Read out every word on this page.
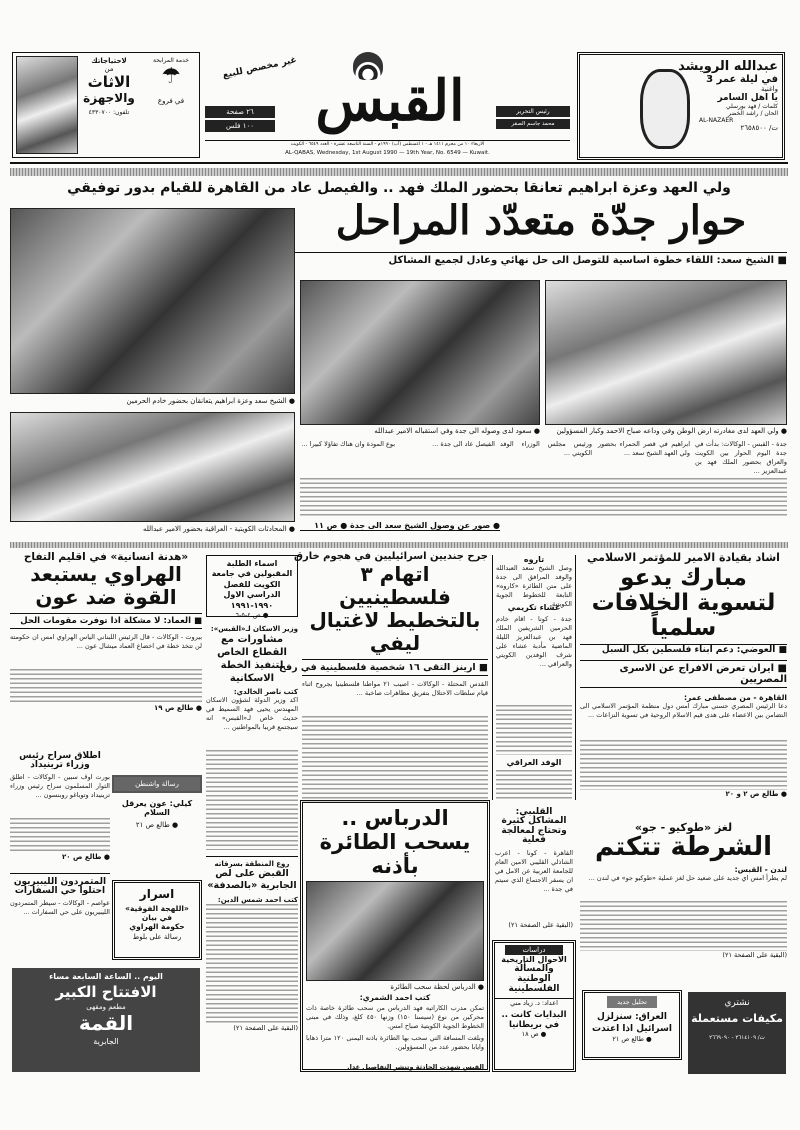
عبدالله الرويشد
في ليلة عمر 3
واغنية
يا اهل السامر
كلمات / فهد بورسلي
الحان / راشد الخضر
AL-NAZAER
ت/ ٢٦٥٨٥٠٠
رئيس التحرير
محمد جاسم الصقر
القبس
غير مخصص للبيع
٢٦ صفحة
١٠٠ فلس
الاربعاء ١٠ من محرم ١٤١١ هـ - ١ اغسطس (آب) ١٩٩٠م - السنة التاسعة عشرة - العدد ٦٥٤٩ - الكويت
AL-QABAS, Wednesday, 1st August 1990 — 19th Year, No. 6549 — Kuwait.
خدمة المرابحة
☂
في فروع
لاحتياجاتك
من
الاثاث
والاجهزة
تلفون: ٤٣٣٠٧٠٠
ولي العهد وعزة ابراهيم تعانقا بحضور الملك فهد .. والفيصل عاد من القاهرة للقيام بدور توفيقي
حوار جدّة متعدّد المراحل
■ الشيخ سعد: اللقاء خطوة اساسية للتوصل الى حل نهائي وعادل لجميع المشاكل
● الشيخ سعد وعزة ابراهيم يتعانقان بحضور خادم الحرمين
● سعود لدى وصوله الى جدة وفي استقباله الامير عبدالله	● ولي العهد لدى مغادرته ارض الوطن وفي وداعه صباح الاحمد وكبار المسؤولين
● المحادثات الكويتية - العراقية بحضور الامير عبدالله
جدة - القبس - الوكالات: بدأت في جدة اليوم الحوار بين الكويت والعراق بحضور الملك فهد بن عبدالعزيز ...
ابراهيم في قصر الحمراء بحضور ولي العهد الشيخ سعد ...
ورئيس مجلس الوزراء الوفد الكويتي ...
الفيصل عاد الى جدة ...
بوع المودة وان هناك تفاؤلا كبيرا ...
● صور عن وصول الشيخ سعد الى جدة ● ص ١١
اشاد بقيادة الامير للمؤتمر الاسلامي
مبارك يدعو لتسوية الخلافات سلمياً
■ العوضي: دعم ابناء فلسطين بكل السبل
■ ايران تعرض الافراج عن الاسرى المصريين
القاهرة - من مصطفى عمر:
دعا الرئيس المصري حسني مبارك امس دول منظمة المؤتمر الاسلامي الى التضامن بين الاعضاء على هدى قيم الاسلام الروحية في تسوية النزاعات ...
● طالع ص ٢ و ٢٠
تاروه
وصل الشيخ سعد العبدالله والوفد المرافق الى جدة على متن الطائرة «كاروه» التابعة للخطوط الجوية الكويتية.
عشاء تكريمي
جدة - كونا - اقام خادم الحرمين الشريفين الملك فهد بن عبدالعزيز الليلة الماضية مأدبة عشاء على شرف الوفدين الكويتي والعراقي ...
الوفد العراقي
القليبي: المشاكل كثيرة وتحتاج لمعالجة فعلية
القاهرة - كونا - اعرب الشاذلي القليبي الامين العام للجامعة العربية عن الامل في ان يسفر الاجتماع الذي سيتم في جدة ...
(البقية على الصفحة ٢١)
جرح جنديين اسرائيليين في هجوم خارق
اتهام ٣ فلسطينيين بالتخطيط لاغتيال ليفي
■ ارينز التقى ١٦ شخصية فلسطينية في رفح
القدس المحتلة - الوكالات - اصيب ٢١ مواطنا فلسطينيا بجروح اثناء قيام سلطات الاحتلال بتفريق مظاهرات صاخبة ...
اسماء الطلبة المقبولين في جامعة الكويت للفصل الدراسي الاول ١٩٩٠-١٩٩١
● ص ٤-٥-٦
وزير الاسكان لـ«القبس»:
مشاورات مع القطاع الخاص لتنفيذ الخطة الاسكانية
كتب ناصر الخالدي:
اكد وزير الدولة لشؤون الاسكان المهندس يحيى فهد السميط في حديث خاص لـ«القبس» انه سيجتمع قريبا بالمواطنين ...
روع المنطقة بسرقاته
القبض على لص الجابرية «بالصدفة»
كتب احمد شمس الدين:
(البقية على الصفحة ٢١)
«هدنة انسانية» في اقليم التفاح
الهراوي يستبعد القوة ضد عون
■ العماد: لا مشكلة اذا توفرت مقومات الحل
بيروت - الوكالات - قال الرئيس اللبناني الياس الهراوي امس ان حكومته لن تتخذ خطة في اخضاع العماد ميشال عون ...
● طالع ص ١٩
اطلاق سراح رئيس وزراء ترينيداد
بورت اوف سبين - الوكالات - اطلق الثوار المسلمون سراح رئيس وزراء ترينيداد وتوباغو روبنسون ...
● طالع ص ٢٠
المتمردون الليبيريون احتلوا حي السفارات
عواصم - الوكالات - سيطر المتمردون الليبيريون على حي السفارات ...
رسالة واشنطن
كيلي: عون يعرقل السلام
● طالع ص ٢١
اسرار
«اللهجة الفوقية»
في بيان
حكومة الهراوي
رسالة على بلوط
اليوم .. الساعة السابعة مساء
الافتتاح الكبير
مطعم ومقهى
القمة
الجابرية
الدرباس .. يسحب الطائرة بأذنه
● الدرباس لحظة سحب الطائرة
كتب احمد الشمري:
تمكن مدرب الكاراتيه فهد الدرباس من سحب طائرة خاصة ذات محركين من نوع (سيسنا ١٥٠) وزنها ٤٥٠ كلغ، وذلك في مبنى الخطوط الجوية الكويتية صباح امس.
وبلغت المسافة التي سحب بها الطائرة باذنه اليمنى ١٢٠ مترا ذهابا وايابا بحضور عدد من المسؤولين.
القبس شهدت الحادثة وتنشر التفاصيل غدا.
دراسات
الاحوال التاريخية
والمسألة
الوطنية
الفلسطينية
اعداد: د. زياد مني
البدايات كانت .. في بريطانيا
● ص ١٨
لغز «طوكيو - جو»
الشرطة تتكتم
لندن - القبس:
لم يطرأ امس اي جديد على صعيد حل لغز عملية «طوكيو جو» في لندن ...
(البقية على الصفحة ٢١)
تحليل جديد
العراق: سنزلزل اسرائيل اذا اعتدت
● طالع ص ٢١
نشتري
مكيفات مستعملة
ت/ ٢٦١٤١٠٩ - ٢٦٦٩٠٩٠
